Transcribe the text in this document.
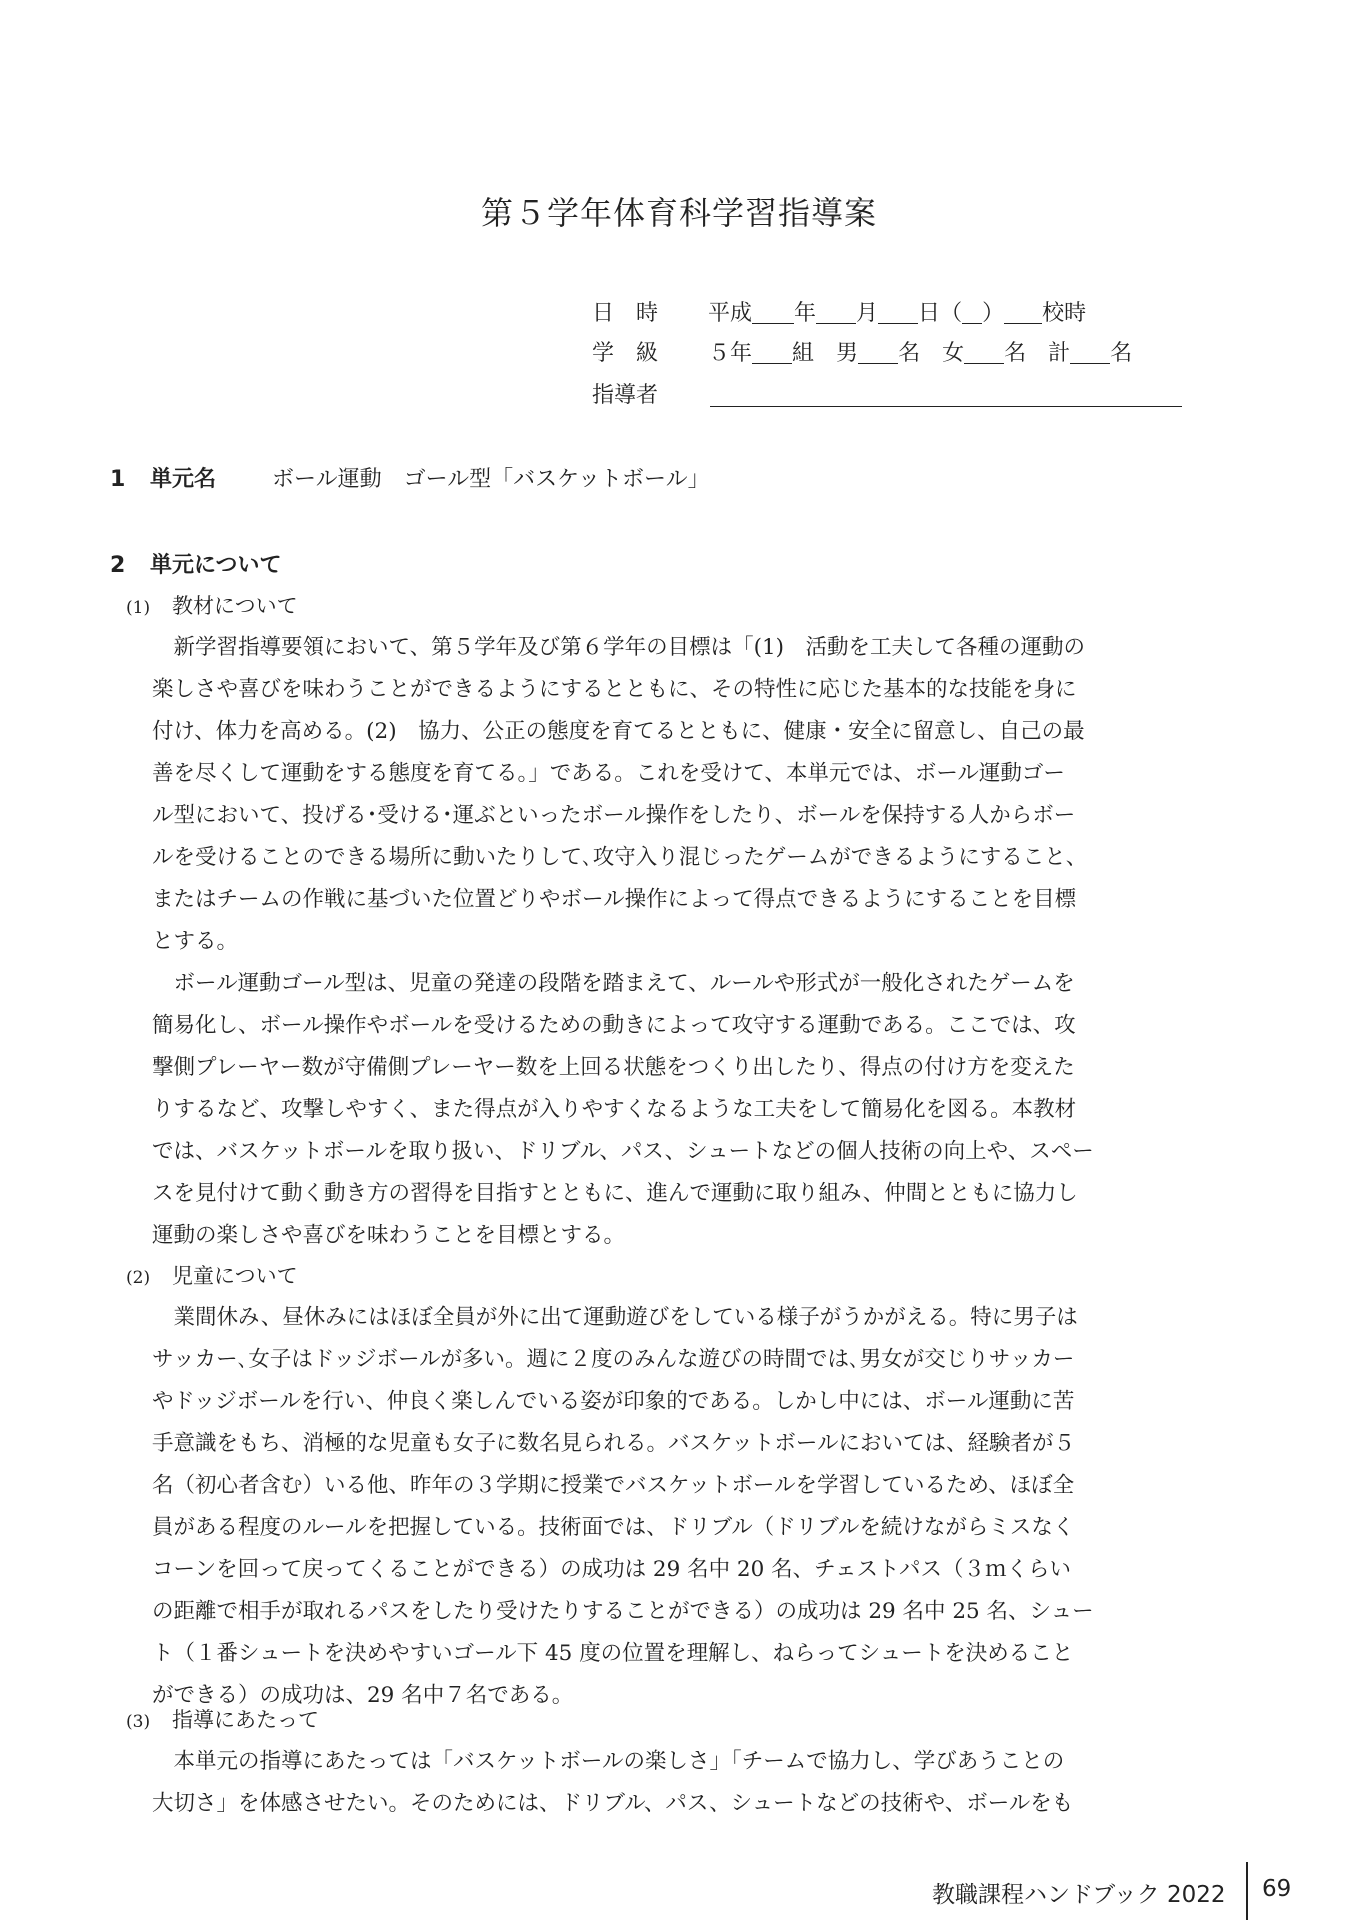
第５学年体育科学習指導案
日　時 平成 年 月 日（ ） 校時
学　級 ５年 組　 男 名　 女 名　 計 名
指導者
1 単元名	ボール運動　ゴール型「バスケットボール」
2 単元について
(1) 教材について
　新学習指導要領において、第５学年及び第６学年の目標は「(1)　活動を工夫して各種の運動の
楽しさや喜びを味わうことができるようにするとともに、その特性に応じた基本的な技能を身に
付け、体力を高める。(2)　協力、公正の態度を育てるとともに、健康・安全に留意し、自己の最
善を尽くして運動をする態度を育てる。」である。これを受けて、本単元では、ボール運動ゴー
ル型において、投げる･受ける･運ぶといったボール操作をしたり、ボールを保持する人からボー
ルを受けることのできる場所に動いたりして､攻守入り混じったゲームができるようにすること、
またはチームの作戦に基づいた位置どりやボール操作によって得点できるようにすることを目標
とする。
　ボール運動ゴール型は、児童の発達の段階を踏まえて、ルールや形式が一般化されたゲームを
簡易化し、ボール操作やボールを受けるための動きによって攻守する運動である。ここでは、攻
撃側プレーヤー数が守備側プレーヤー数を上回る状態をつくり出したり、得点の付け方を変えた
りするなど、攻撃しやすく、また得点が入りやすくなるような工夫をして簡易化を図る。本教材
では、バスケットボールを取り扱い、ドリブル、パス、シュートなどの個人技術の向上や、スペー
スを見付けて動く動き方の習得を目指すとともに、進んで運動に取り組み、仲間とともに協力し
運動の楽しさや喜びを味わうことを目標とする。
(2) 児童について
　業間休み、昼休みにはほぼ全員が外に出て運動遊びをしている様子がうかがえる。特に男子は
サッカー､女子はドッジボールが多い。週に２度のみんな遊びの時間では､男女が交じりサッカー
やドッジボールを行い、仲良く楽しんでいる姿が印象的である。しかし中には、ボール運動に苦
手意識をもち、消極的な児童も女子に数名見られる。バスケットボールにおいては、経験者が５
名（初心者含む）いる他、昨年の３学期に授業でバスケットボールを学習しているため、ほぼ全
員がある程度のルールを把握している。技術面では、ドリブル（ドリブルを続けながらミスなく
コーンを回って戻ってくることができる）の成功は 29 名中 20 名、チェストパス（３ｍくらい
の距離で相手が取れるパスをしたり受けたりすることができる）の成功は 29 名中 25 名、シュー
ト（１番シュートを決めやすいゴール下 45 度の位置を理解し、ねらってシュートを決めること
ができる）の成功は、29 名中７名である。
(3) 指導にあたって
　本単元の指導にあたっては「バスケットボールの楽しさ」「チームで協力し、学びあうことの
大切さ」を体感させたい。そのためには、ドリブル、パス、シュートなどの技術や、ボールをも
教職課程ハンドブック 2022 69
